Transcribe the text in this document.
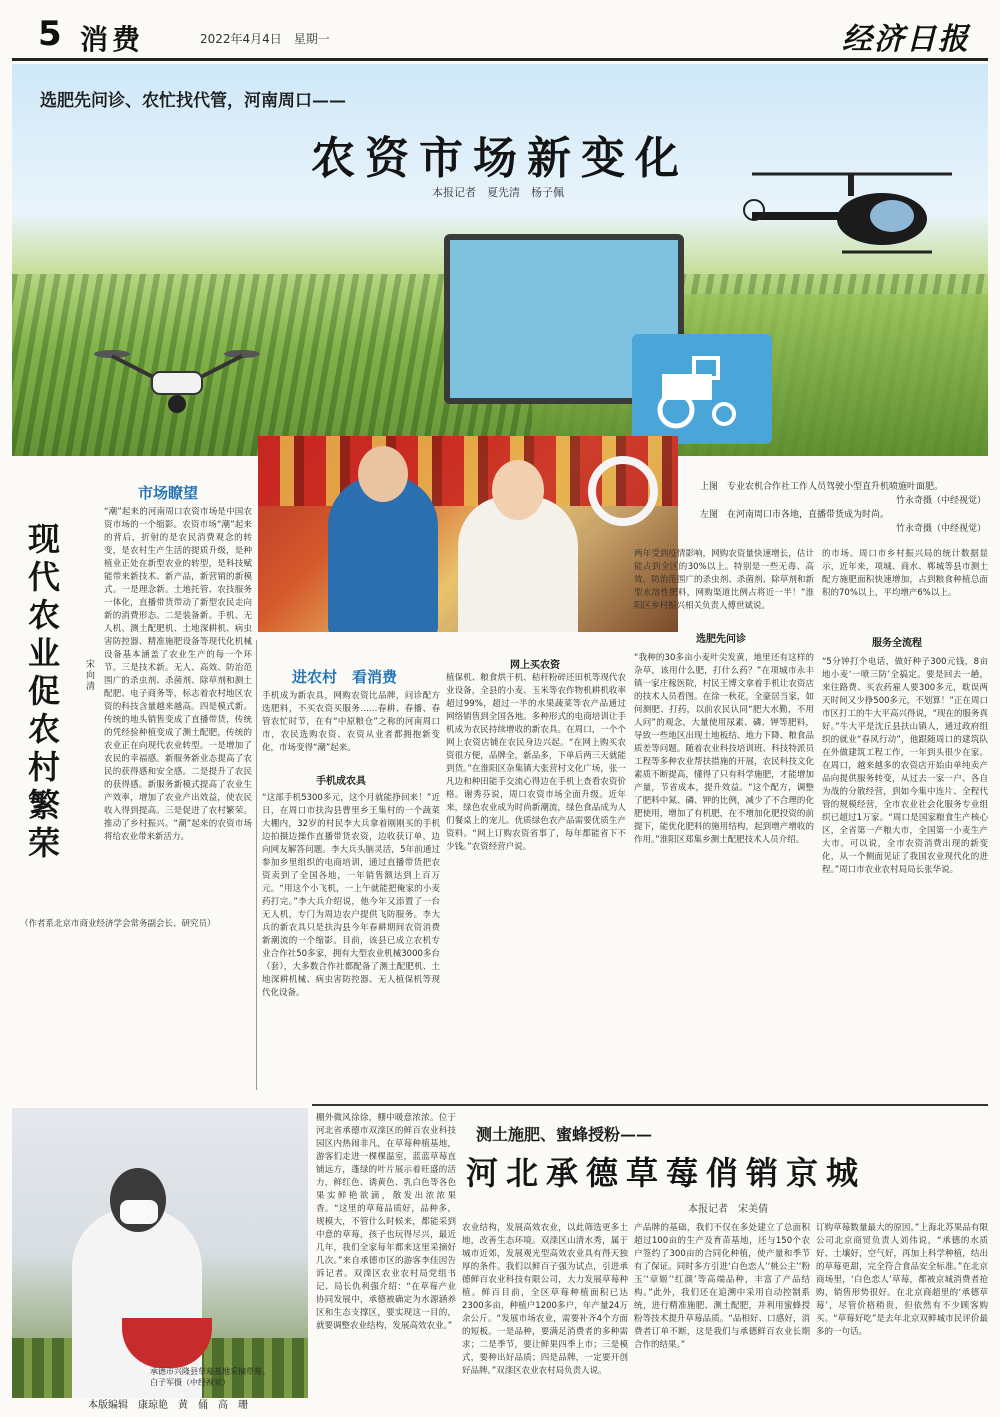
5 消费	2022年4月4日　星期一	经济日报
选肥先问诊、农忙找代管，河南周口——
农资市场新变化
本报记者　夏先清　杨子佩
上图　专业农机合作社工作人员驾驶小型直升机喷施叶面肥。
竹永奇摄（中经视觉）
左图　在河南周口市各地，直播带货成为时尚。
竹永奇摄（中经视觉）
市场瞭望
现代农业促农村繁荣
宋向清
“潮”起来的河南周口农资市场是中国农资市场的一个缩影。农资市场“潮”起来的背后，折射的是农民消费观念的转变，是农村生产生活的提质升级，是种植业正处在新型农业的转型，是科技赋能带来新技术、新产品，新营销的新模式。一是理念新。土地托管、农技服务一体化，直播带货带动了新型农民走向新的消费形态。二是装备新。手机、无人机、测土配肥机、土地深耕机、病虫害防控器、精准施肥设备等现代化机械设备基本涵盖了农业生产的每一个环节。三是技术新。无人、高效、防治范围广的杀虫剂、杀菌剂、除草剂和测土配肥、电子商务等，标志着农村地区农资的科技含量越来越高。四是模式新。传统的地头销售变成了直播带货，传统的凭经验种植变成了测土配肥，传统的农业正在向现代农业转型。一是增加了农民的幸福感。新服务新业态提高了农民的获得感和安全感。二是提升了农民的获得感。新服务新模式提高了农业生产效率，增加了农业产出效益，使农民收入得到提高。三是促进了农村繁荣。推动了乡村振兴。“潮”起来的农资市场将给农业带来新活力。
（作者系北京市商业经济学会常务副会长、研究员）
进农村　看消费
手机成为新农具，网购农资比品牌，问诊配方选肥料，不买农资买服务……春耕、春播、春管农忙时节，在有“中原粮仓”之称的河南周口市，农民选购农资、农资从业者都拥抱新变化，市场变得“潮”起来。
手机成农具
“这部手机5300多元，这个月就能挣回来！”近日，在周口市扶沟县曹里乡王集村的一个蔬菜大棚内，32岁的村民李大兵拿着刚刚买的手机边拍摄边操作直播带货农资，边收获订单，边向网友解答问题。李大兵头脑灵活，5年前通过参加乡里组织的电商培训，通过直播带货把农资卖到了全国各地，一年销售额达到上百万元。“用这个小飞机，一上午就能把俺家的小麦药打完。”李大兵介绍说，他今年又添置了一台无人机，专门为周边农户提供飞防服务。李大兵的新农具只是扶沟县今年春耕期间农资消费新潮流的一个缩影。目前，该县已成立农机专业合作社50多家，拥有大型农业机械3000多台（套），大多数合作社都配备了测土配肥机、土地深耕机械、病虫害防控器、无人植保机等现代化设备。
网上买农资
植保机、粮食烘干机、秸秆粉碎还田机等现代农业设备，全县的小麦、玉米等农作物机耕机收率超过99%，超过一半的水果蔬菜等农产品通过网络销售到全国各地。多种形式的电商培训让手机成为农民持续增收的新农具。在周口，一个个网上农资店铺在农民身边兴起。“在网上购买农资很方便，品牌全，新品多，下单后两三天就能到货。”在淮阳区杂集镇大张营村文化广场，张一凡边和种田能手交流心得边在手机上查看农资价格。谢秀芬说，周口农资市场全面升级。近年来，绿色农业成为时尚新潮流，绿色食品成为人们餐桌上的宠儿。优质绿色农产品需要优质生产资料。“网上订购农资省事了，每年都能省下不少钱。”农资经营户说。
两年受到疫情影响，网购农资量快速增长，估计能占到全区的30%以上。特别是一些无毒、高效、防治范围广的杀虫剂、杀菌剂、除草剂和新型水溶性肥料，网购渠道比例占将近一半！”淮阳区乡村振兴相关负责人傅世斌说。
选肥先问诊
“我种的30多亩小麦叶尖发黄，地里还有这样的杂草，该用什么肥，打什么药？”在项城市永丰镇一家庄稼医院，村民王博文拿着手机让农资店的技术人员看图。在徐一秋花，全豪居当家，如何测肥、打药，以前农民认同“肥大水勤，不用人问”的观念，大量使用尿素、磷、钾等肥料，导致一些地区出现土地板结、地力下降、粮食品质差等问题。随着农业科技培训班、科技特派员工程等多种农业帮扶措施的开展，农民科技文化素质不断提高，懂得了只有科学施肥，才能增加产量，节省成本，提升效益。“这个配方，调整了肥料中氮、磷、钾的比例，减少了不合理的化肥使用，增加了有机肥，在不增加化肥投资的前提下，能优化肥料的施用结构，起到增产增收的作用。”淮阳区郑集乡测土配肥技术人员介绍。
的市场。周口市乡村振兴局的统计数据显示，近年来，项城、商水、郸城等县市测土配方施肥面积快速增加，占到粮食种植总面积的70%以上，平均增产6%以上。
服务全流程
“5分钟打个电话，做好种子300元钱，8亩地小麦‘一喷三防’全搞定。要是回去一趟，来往路费、买农药雇人要300多元，耽误两天时间又少挣500多元，不划算！”正在周口市区打工的牛大平高兴得说，“现在的服务真好。”牛大平是沈丘县扶山镇人，通过政府组织的就业“春风行动”，他跟随周口的建筑队在外做建筑工程工作，一年到头很少在家。在周口，越来越多的农资店开始由单纯卖产品向提供服务转变，从过去一家一户、各自为战的分散经营，到如今集中连片、全程代管的规模经营，全市农业社会化服务专业组织已超过1万家。“周口是国家粮食生产核心区，全省第一产粮大市，全国第一小麦生产大市。可以说，全市农资消费出现的新变化，从一个侧面见证了我国农业现代化的进程。”周口市农业农村局局长张华说。
承德市兴隆县草莓基地采摘草莓。
白子军摄（中经视觉）
测土施肥、蜜蜂授粉——
河北承德草莓俏销京城
本报记者　宋美倩
棚外微风徐徐，棚中暖意浓浓。位于河北省承德市双滦区的鲜百农业科技园区内热闹非凡，在草莓种植基地，游客们走进一棵棵温室，蓝蓝草莓直铺远方，蓬绿的叶片展示着旺盛的活力，鲜红色、诱黄色、乳白色等各色果实鲜艳欲滴，散发出浓浓果香。“这里的草莓品质好，品种多，规模大，不管什么时候来，都能采到中意的草莓，孩子也玩得尽兴，最近几年，我们全家每年都来这里采摘好几次。”来自承德市区的游客李佳因告诉记者。双滦区农业农村局党组书记、局长仇利强介绍：“在草莓产业协同发展中，承德被确定为水源涵养区和生态支撑区，要实现这一目的，就要调整农业结构，发展高效农业。”
农业结构，发展高效农业，以此筛选更多土地，改善生态环境。双滦区山清水秀，属于城市近郊，发展观光型高效农业具有得天独厚的条件。我们以鲜百子强为试点，引进承德鲜百农业科技有限公司，大力发展草莓种植。鲜百目前，全区草莓种植面积已达2300多亩，种植户1200多户，年产量24万余公斤。“发展市场农业，需要补齐4个方面的短板。一是品种，要满足消费者的多种需求；二是季节，要让鲜果四季上市；三是模式，要种出好品质；四是品牌，一定要开创好品牌。”双滦区农业农村局负责人说。
产品牌的基础，我们不仅在多处建立了总面积超过100亩的生产及育苗基地，还与150个农户签约了300亩的合同化种植，使产量和季节有了保证。同时多方引进‘白色恋人’‘桃公主’‘粉玉’‘章姬’‘红颜’等高端品种，丰富了产品结构。”此外，我们还在追溯中采用自动控制系统，进行精准施肥、测土配肥，并利用蜜蜂授粉等技术提升草莓品质。“品相好、口感好，消费者订单不断，这是我们与承德鲜百农业长期合作的结果。”
订购草莓数量最大的原因。”上海北苏果品有限公司北京商贸负责人刘伟说，“承德的水质好、土壤好，空气好，再加上科学种植，结出的草莓更甜，完全符合食品安全标准。”在北京商场里，‘白色恋人’草莓，都被京城消费者抢购，销售形势很好。在北京商超里的‘承德草莓’，尽管价格稍贵，但依然有不少顾客购买。“草莓好吃”是去年北京双鲜城市民评价最多的一句话。
本版编辑　康琼艳　黄　俑　高　珊
